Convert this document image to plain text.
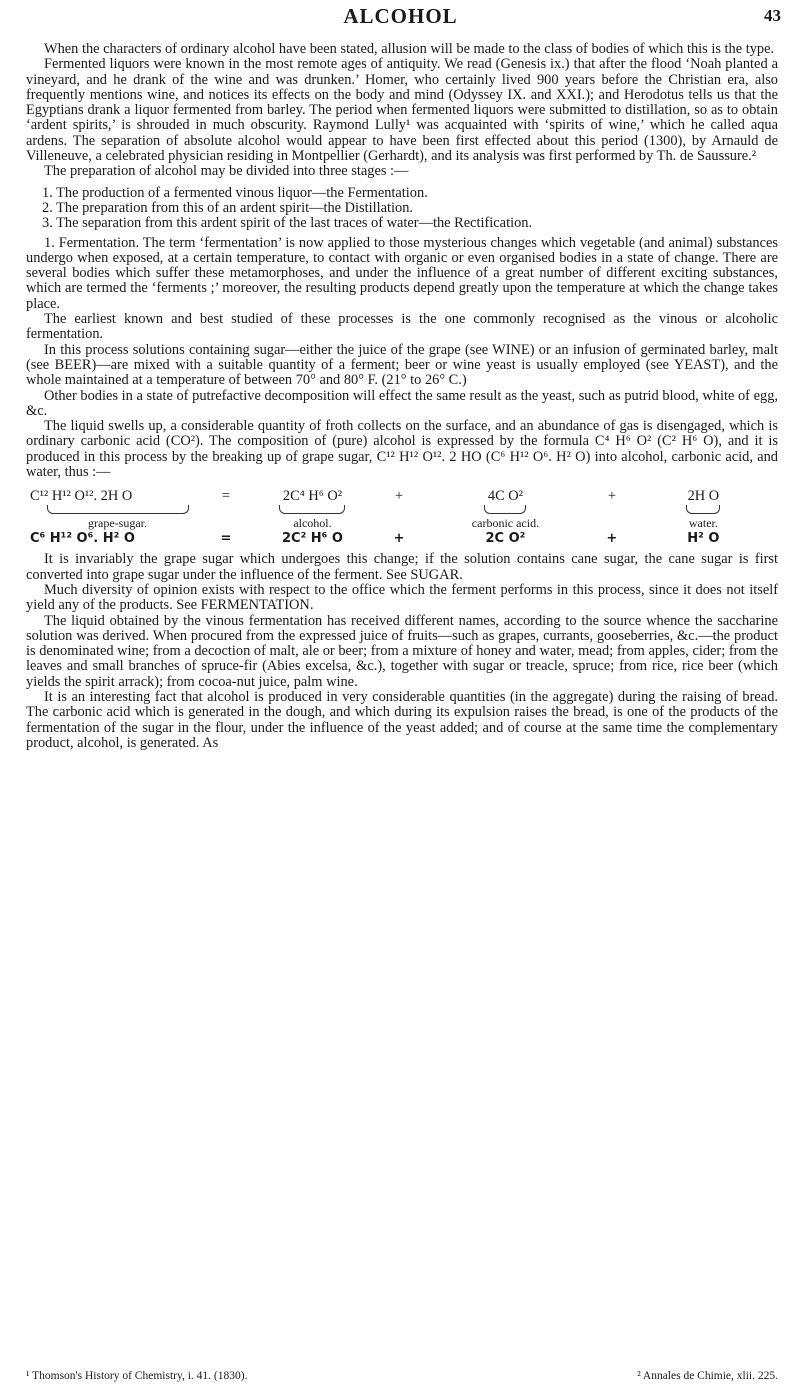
ALCOHOL	43

When the characters of ordinary alcohol have been stated, allusion will be made to the class of bodies of which this is the type.

Fermented liquors were known in the most remote ages of antiquity. We read (Genesis ix.) that after the flood ‘Noah planted a vineyard, and he drank of the wine and was drunken.’ Homer, who certainly lived 900 years before the Christian era, also frequently mentions wine, and notices its effects on the body and mind (Odyssey IX. and XXI.); and Herodotus tells us that the Egyptians drank a liquor fermented from barley. The period when fermented liquors were submitted to distillation, so as to obtain ‘ardent spirits,’ is shrouded in much obscurity. Raymond Lully¹ was acquainted with ‘spirits of wine,’ which he called aqua ardens. The separation of absolute alcohol would appear to have been first effected about this period (1300), by Arnauld de Villeneuve, a celebrated physician residing in Montpellier (Gerhardt), and its analysis was first performed by Th. de Saussure.²

The preparation of alcohol may be divided into three stages :—

1. The production of a fermented vinous liquor—the Fermentation.
2. The preparation from this of an ardent spirit—the Distillation.
3. The separation from this ardent spirit of the last traces of water—the Rectification.

1. Fermentation. The term ‘fermentation’ is now applied to those mysterious changes which vegetable (and animal) substances undergo when exposed, at a certain temperature, to contact with organic or even organised bodies in a state of change. There are several bodies which suffer these metamorphoses, and under the influence of a great number of different exciting substances, which are termed the ‘ferments ;’ moreover, the resulting products depend greatly upon the temperature at which the change takes place.

The earliest known and best studied of these processes is the one commonly recognised as the vinous or alcoholic fermentation.

In this process solutions containing sugar—either the juice of the grape (see WINE) or an infusion of germinated barley, malt (see BEER)—are mixed with a suitable quantity of a ferment; beer or wine yeast is usually employed (see YEAST), and the whole maintained at a temperature of between 70° and 80° F. (21° to 26° C.)

Other bodies in a state of putrefactive decomposition will effect the same result as the yeast, such as putrid blood, white of egg, &c.

The liquid swells up, a considerable quantity of froth collects on the surface, and an abundance of gas is disengaged, which is ordinary carbonic acid (CO²). The composition of (pure) alcohol is expressed by the formula C⁴ H⁶ O² (C² H⁶ O), and it is produced in this process by the breaking up of grape sugar, C¹² H¹² O¹². 2 HO (C⁶ H¹² O⁶. H² O) into alcohol, carbonic acid, and water, thus :—

C¹² H¹² O¹². 2H O	=	2C⁴ H⁶ O²	+	4C O²	+	2H O
grape-sugar.	alcohol.	carbonic acid.	water.
C⁶ H¹² O⁶. H² O	=	2C² H⁶ O	+	2C O²	+	H² O

It is invariably the grape sugar which undergoes this change; if the solution contains cane sugar, the cane sugar is first converted into grape sugar under the influence of the ferment. See SUGAR.

Much diversity of opinion exists with respect to the office which the ferment performs in this process, since it does not itself yield any of the products. See FERMENTATION.

The liquid obtained by the vinous fermentation has received different names, according to the source whence the saccharine solution was derived. When procured from the expressed juice of fruits—such as grapes, currants, gooseberries, &c.—the product is denominated wine; from a decoction of malt, ale or beer; from a mixture of honey and water, mead; from apples, cider; from the leaves and small branches of spruce-fir (Abies excelsa, &c.), together with sugar or treacle, spruce; from rice, rice beer (which yields the spirit arrack); from cocoa-nut juice, palm wine.

It is an interesting fact that alcohol is produced in very considerable quantities (in the aggregate) during the raising of bread. The carbonic acid which is generated in the dough, and which during its expulsion raises the bread, is one of the products of the fermentation of the sugar in the flour, under the influence of the yeast added; and of course at the same time the complementary product, alcohol, is generated. As

¹ Thomson's History of Chemistry, i. 41. (1830).	² Annales de Chimie, xlii. 225.
